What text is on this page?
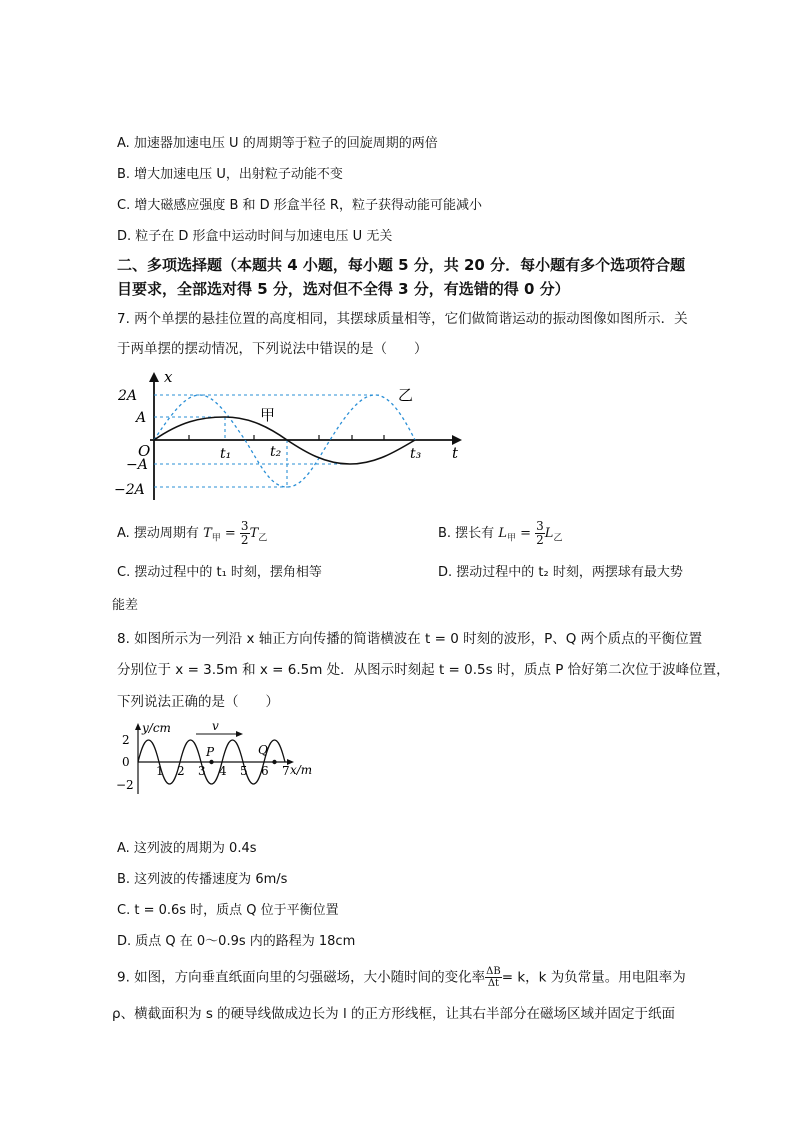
A. 加速器加速电压 U 的周期等于粒子的回旋周期的两倍
B. 增大加速电压 U，出射粒子动能不变
C. 增大磁感应强度 B 和 D 形盒半径 R，粒子获得动能可能减小
D. 粒子在 D 形盒中运动时间与加速电压 U 无关
二、多项选择题（本题共 4 小题，每小题 5 分，共 20 分．每小题有多个选项符合题
目要求，全部选对得 5 分，选对但不全得 3 分，有选错的得 0 分）
7. 两个单摆的悬挂位置的高度相同，其摆球质量相等，它们做简谐运动的振动图像如图所示．关
于两单摆的摆动情况，下列说法中错误的是（　　）
x
t
O
2A
A
−A
−2A
t₁	t₂	t₃
甲
乙
A. 摆动周期有 $T_甲 = \frac{3}{2} T_乙$	B. 摆长有 $L_甲 = \frac{3}{2} L_乙$
C. 摆动过程中的 t₁ 时刻，摆角相等	D. 摆动过程中的 t₂ 时刻，两摆球有最大势
能差
8. 如图所示为一列沿 x 轴正方向传播的简谐横波在 t = 0 时刻的波形，P、Q 两个质点的平衡位置
分别位于 x = 3.5m 和 x = 6.5m 处．从图示时刻起 t = 0.5s 时，质点 P 恰好第二次位于波峰位置，
下列说法正确的是（　　）
v
P	Q
y/cm
x/m
2
0
−2
1 2 3 4 5 6 7
A. 这列波的周期为 0.4s
B. 这列波的传播速度为 6m/s
C. t = 0.6s 时，质点 Q 位于平衡位置
D. 质点 Q 在 0～0.9s 内的路程为 18cm
9. 如图，方向垂直纸面向里的匀强磁场，大小随时间的变化率 $\frac{\Delta B}{\Delta t} = k$，k 为负常量。用电阻率为
ρ、横截面积为 s 的硬导线做成边长为 l 的正方形线框，让其右半部分在磁场区域并固定于纸面
